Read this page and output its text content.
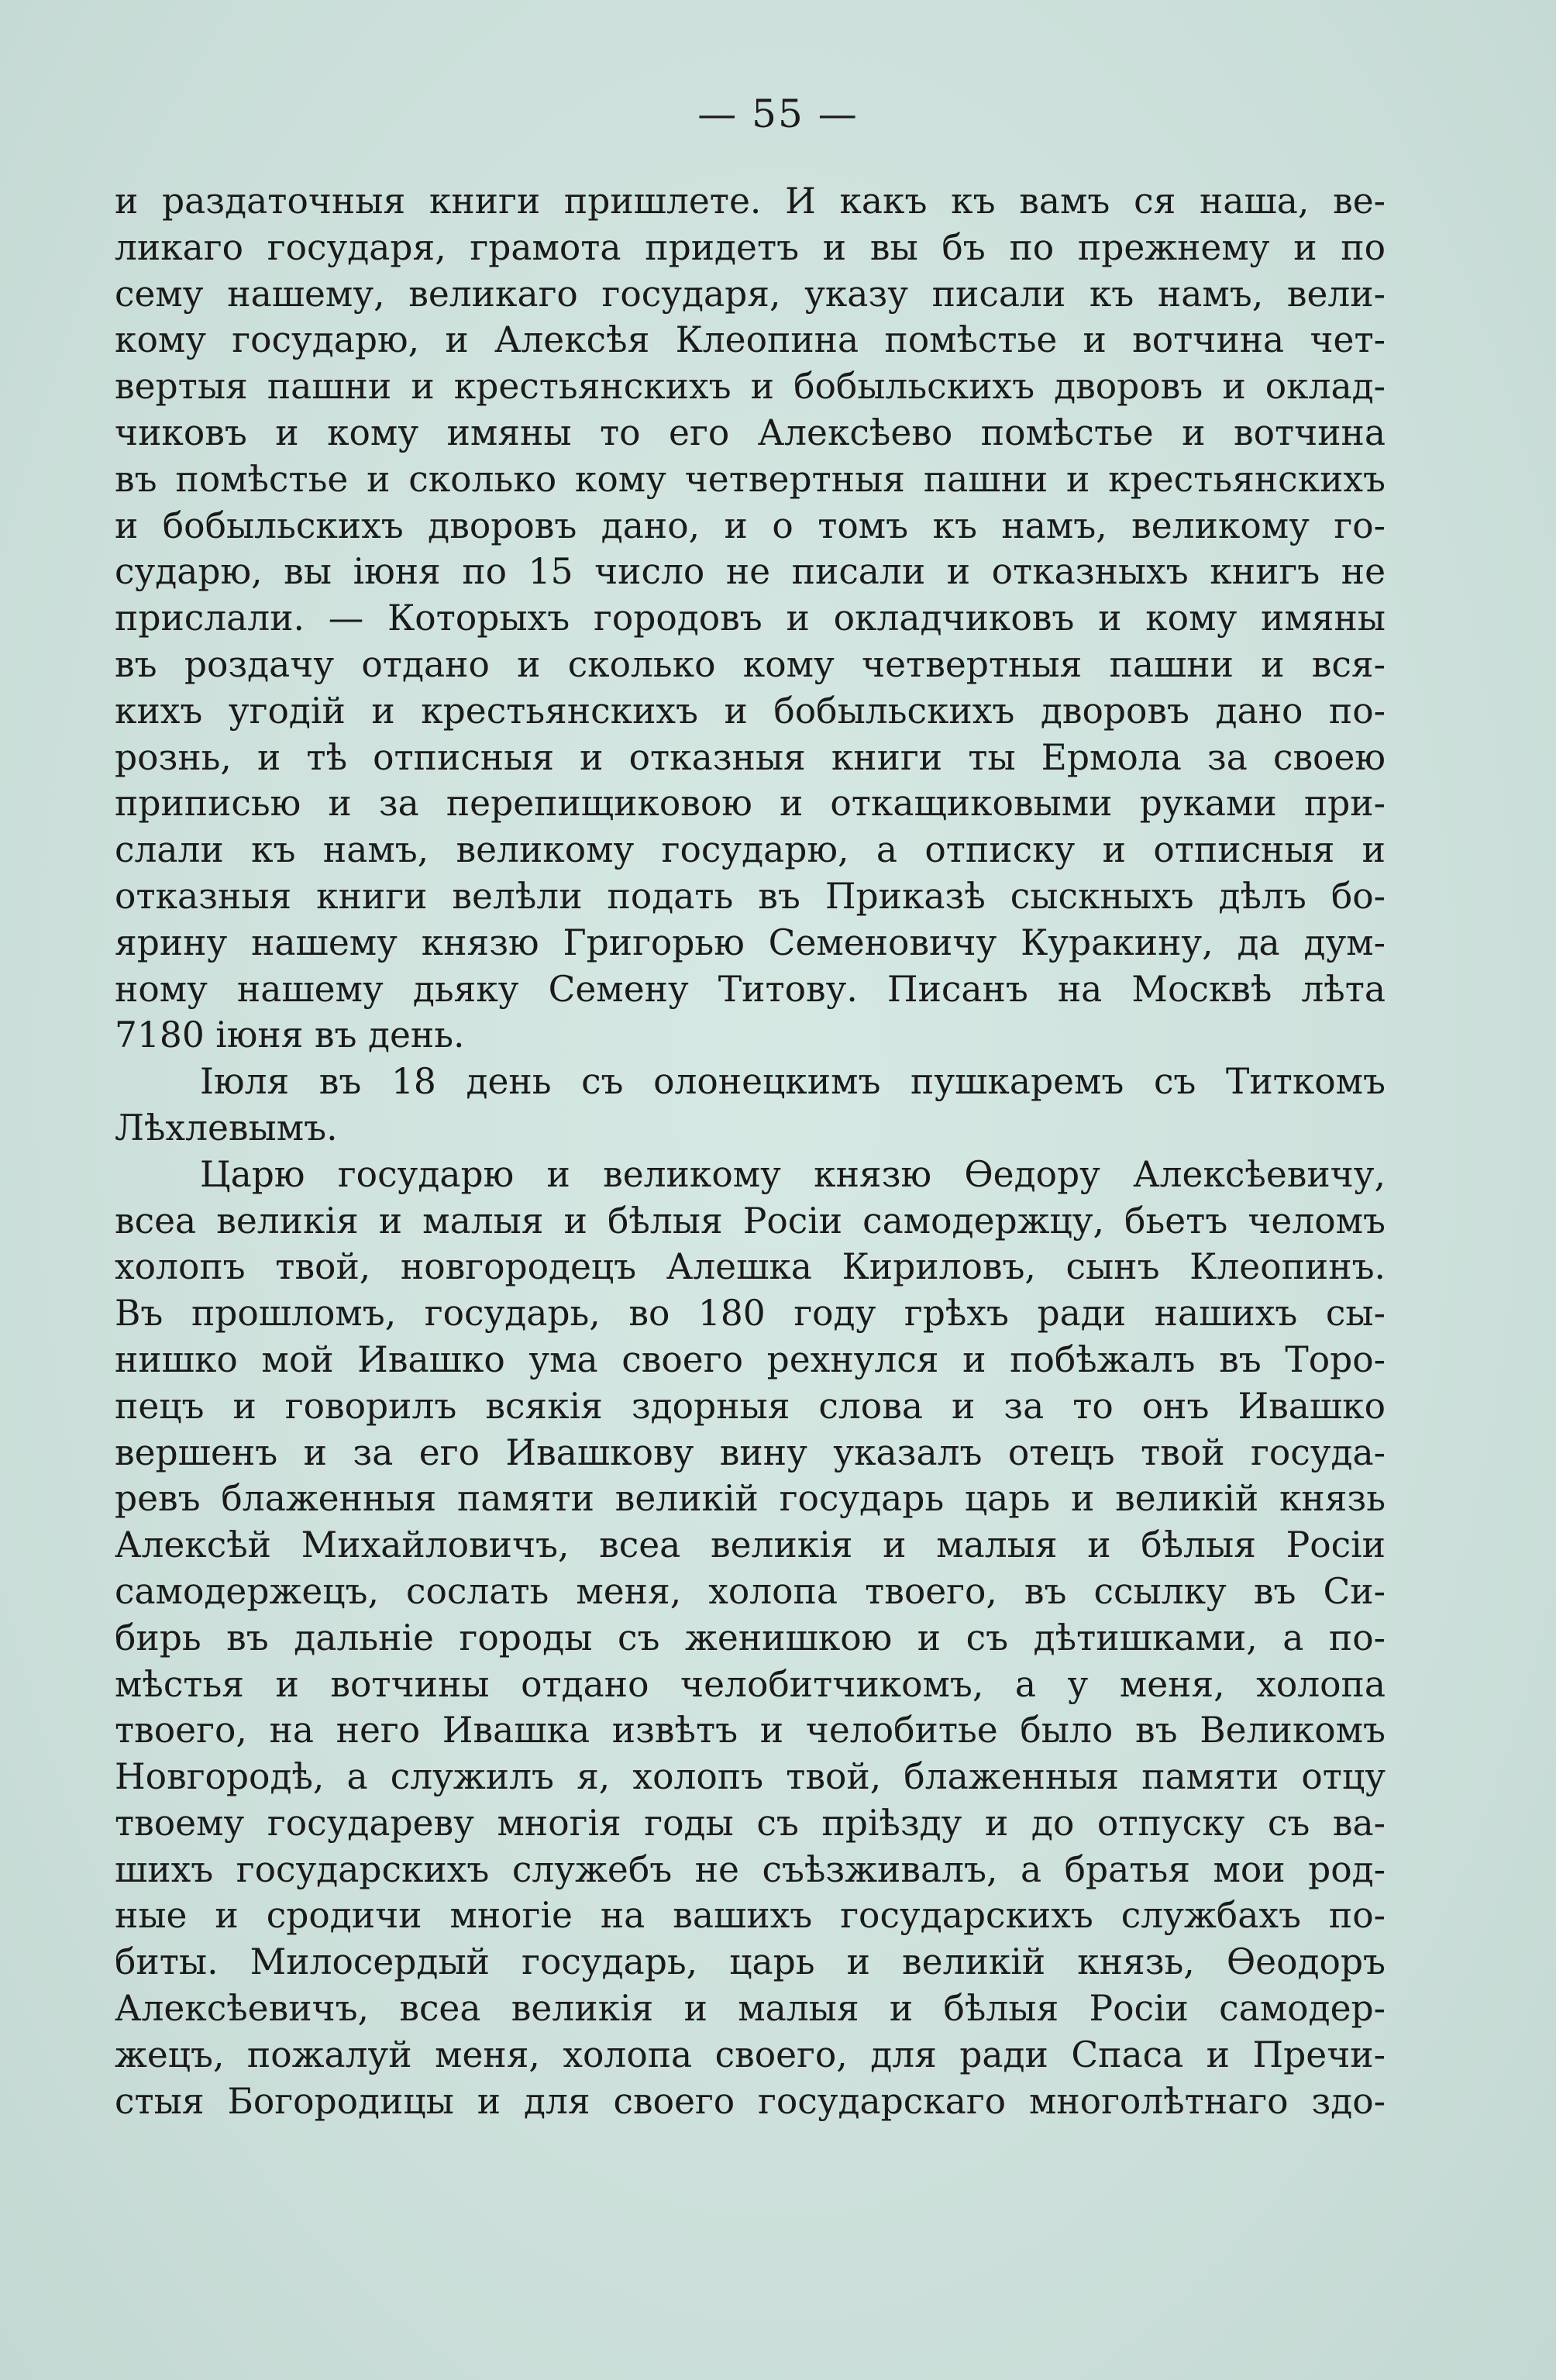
— 55 —
и раздаточныя книги пришлете. И какъ къ вамъ ся наша, ве-
ликаго государя, грамота придетъ и вы бъ по прежнему и по
сему нашему, великаго государя, указу писали къ намъ, вели-
кому государю, и Алексѣя Клеопина помѣстье и вотчина чет-
вертыя пашни и крестьянскихъ и бобыльскихъ дворовъ и оклад-
чиковъ и кому имяны то его Алексѣево помѣстье и вотчина
въ помѣстье и сколько кому четвертныя пашни и крестьянскихъ
и бобыльскихъ дворовъ дано, и о томъ къ намъ, великому го-
сударю, вы iюня по 15 число не писали и отказныхъ книгъ не
прислали. — Которыхъ городовъ и окладчиковъ и кому имяны
въ роздачу отдано и сколько кому четвертныя пашни и вся-
кихъ угодiй и крестьянскихъ и бобыльскихъ дворовъ дано по-
рознь, и тѣ отписныя и отказныя книги ты Ермола за своею
приписью и за перепищиковою и откащиковыми руками при-
слали къ намъ, великому государю, а отписку и отписныя и
отказныя книги велѣли подать въ Приказѣ сыскныхъ дѣлъ бо-
ярину нашему князю Григорью Семеновичу Куракину, да дум-
ному нашему дьяку Семену Титову. Писанъ на Москвѣ лѣта
7180 iюня въ день.
Iюля въ 18 день съ олонецкимъ пушкаремъ съ Титкомъ
Лѣхлевымъ.
Царю государю и великому князю Ѳедору Алексѣевичу,
всеа великiя и малыя и бѣлыя Росiи самодержцу, бьетъ челомъ
холопъ твой, новгородецъ Алешка Кириловъ, сынъ Клеопинъ.
Въ прошломъ, государь, во 180 году грѣхъ ради нашихъ сы-
нишко мой Ивашко ума своего рехнулся и побѣжалъ въ Торо-
пецъ и говорилъ всякiя здорныя слова и за то онъ Ивашко
вершенъ и за его Ивашкову вину указалъ отецъ твой госуда-
ревъ блаженныя памяти великiй государь царь и великiй князь
Алексѣй Михайловичъ, всеа великiя и малыя и бѣлыя Росiи
самодержецъ, сослать меня, холопа твоего, въ ссылку въ Си-
бирь въ дальнiе городы съ женишкою и съ дѣтишками, а по-
мѣстья и вотчины отдано челобитчикомъ, а у меня, холопа
твоего, на него Ивашка извѣтъ и челобитье было въ Великомъ
Новгородѣ, а служилъ я, холопъ твой, блаженныя памяти отцу
твоему государеву многiя годы съ прiѣзду и до отпуску съ ва-
шихъ государскихъ служебъ не съѣзживалъ, а братья мои род-
ные и сродичи многiе на вашихъ государскихъ службахъ по-
биты. Милосердый государь, царь и великiй князь, Ѳеодоръ
Алексѣевичъ, всеа великiя и малыя и бѣлыя Росiи самодер-
жецъ, пожалуй меня, холопа своего, для ради Спаса и Пречи-
стыя Богородицы и для своего государскаго многолѣтнаго здо-
